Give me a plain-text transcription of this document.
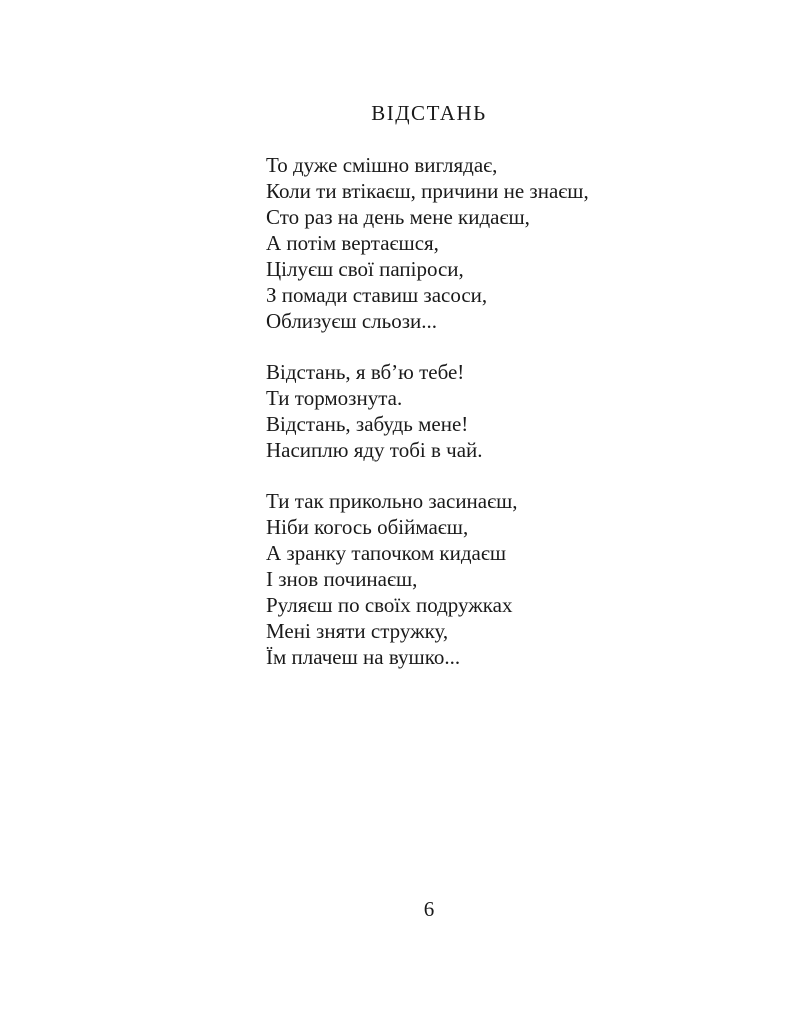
ВІДСТАНЬ
То дуже смішно виглядає,
Коли ти втікаєш, причини не знаєш,
Сто раз на день мене кидаєш,
А потім вертаєшся,
Цілуєш свої папіроси,
З помади ставиш засоси,
Облизуєш сльози...
Відстань, я вб’ю тебе!
Ти тормознута.
Відстань, забудь мене!
Насиплю яду тобі в чай.
Ти так прикольно засинаєш,
Ніби когось обіймаєш,
А зранку тапочком кидаєш
І знов починаєш,
Руляєш по своїх подружках
Мені зняти стружку,
Їм плачеш на вушко...
6
